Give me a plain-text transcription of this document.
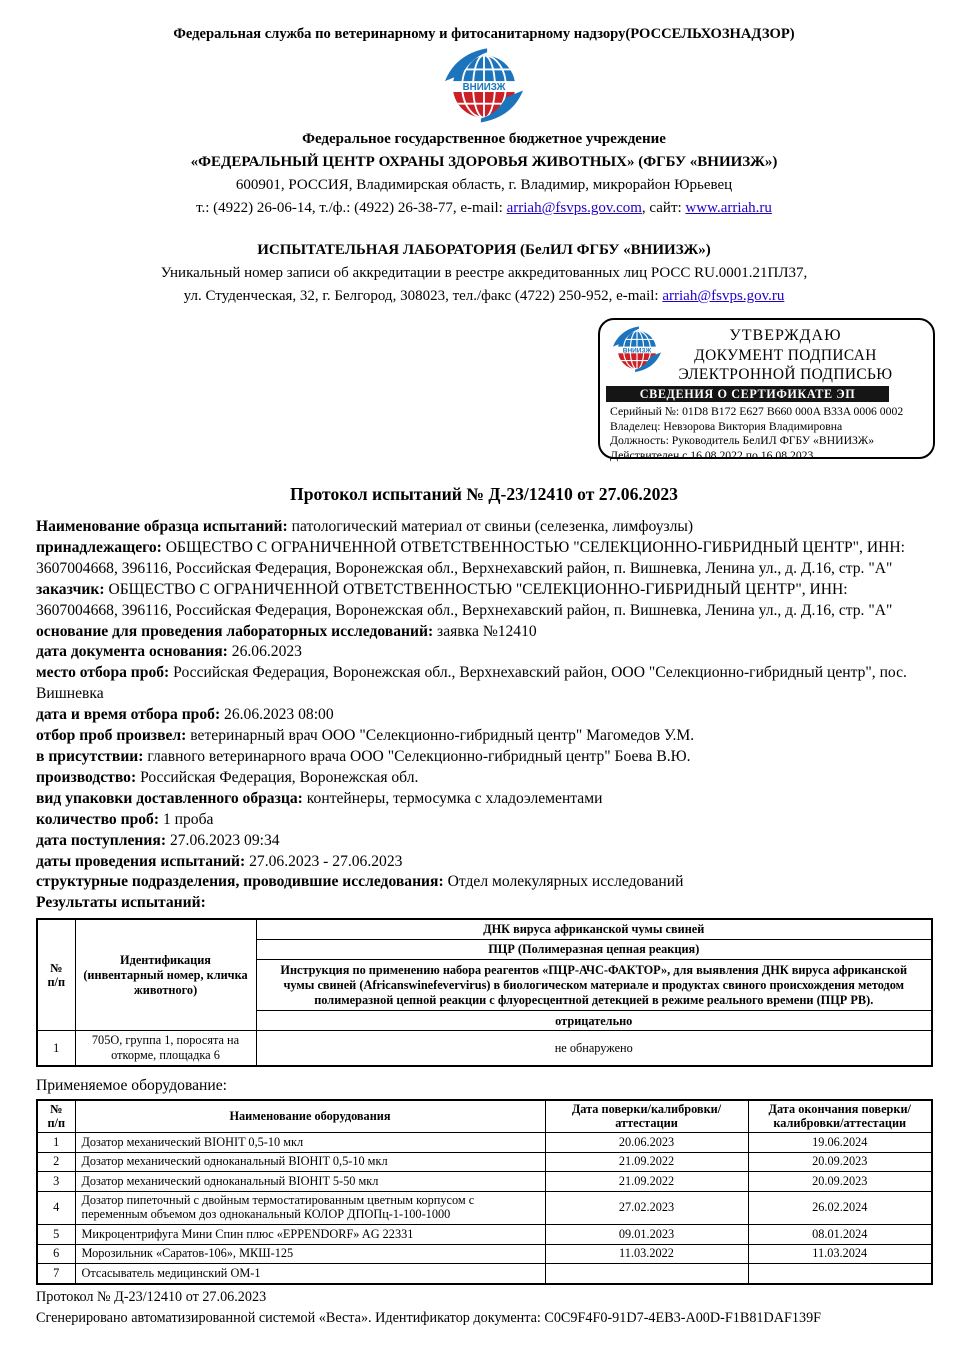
Федеральная служба по ветеринарному и фитосанитарному надзору(РОССЕЛЬХОЗНАДЗОР)
ВНИИЗЖ
Федеральное государственное бюджетное учреждение
«ФЕДЕРАЛЬНЫЙ ЦЕНТР ОХРАНЫ ЗДОРОВЬЯ ЖИВОТНЫХ» (ФГБУ «ВНИИЗЖ»)
600901, РОССИЯ, Владимирская область, г. Владимир, микрорайон Юрьевец
т.: (4922) 26-06-14, т./ф.: (4922) 26-38-77, e-mail: arriah@fsvps.gov.com, сайт: www.arriah.ru
ИСПЫТАТЕЛЬНАЯ ЛАБОРАТОРИЯ (БелИЛ ФГБУ «ВНИИЗЖ»)
Уникальный номер записи об аккредитации в реестре аккредитованных лиц РОСС RU.0001.21ПЛ37,
ул. Студенческая, 32, г. Белгород, 308023, тел./факс (4722) 250-952, e-mail: arriah@fsvps.gov.ru
ВНИИЗЖ
УТВЕРЖДАЮ
ДОКУМЕНТ ПОДПИСАН
ЭЛЕКТРОННОЙ ПОДПИСЬЮ
СВЕДЕНИЯ О СЕРТИФИКАТЕ ЭП
Серийный №: 01D8 B172 E627 B660 000A B33A 0006 0002
Владелец: Невзорова Виктория Владимировна
Должность: Руководитель БелИЛ ФГБУ «ВНИИЗЖ»
Действителен с 16.08.2022 по 16.08.2023
Протокол испытаний № Д-23/12410 от 27.06.2023

Наименование образца испытаний: патологический материал от свиньи (селезенка, лимфоузлы)

принадлежащего: ОБЩЕСТВО С ОГРАНИЧЕННОЙ ОТВЕТСТВЕННОСТЬЮ "СЕЛЕКЦИОННО-ГИБРИДНЫЙ ЦЕНТР", ИНН: 3607004668, 396116, Российская Федерация, Воронежская обл., Верхнехавский район, п. Вишневка, Ленина ул., д. Д.16, стр. "А"

заказчик: ОБЩЕСТВО С ОГРАНИЧЕННОЙ ОТВЕТСТВЕННОСТЬЮ "СЕЛЕКЦИОННО-ГИБРИДНЫЙ ЦЕНТР", ИНН: 3607004668, 396116, Российская Федерация, Воронежская обл., Верхнехавский район, п. Вишневка, Ленина ул., д. Д.16, стр. "А"

основание для проведения лабораторных исследований: заявка №12410

дата документа основания: 26.06.2023

место отбора проб: Российская Федерация, Воронежская обл., Верхнехавский район, ООО "Селекционно-гибридный центр", пос. Вишневка

дата и время отбора проб: 26.06.2023 08:00

отбор проб произвел: ветеринарный врач ООО "Селекционно-гибридный центр" Магомедов У.М.

в присутствии: главного ветеринарного врача ООО "Селекционно-гибридный центр" Боева В.Ю.

производство: Российская Федерация, Воронежская обл.

вид упаковки доставленного образца: контейнеры, термосумка с хладоэлементами

количество проб: 1 проба

дата поступления: 27.06.2023 09:34

даты проведения испытаний: 27.06.2023 - 27.06.2023

структурные подразделения, проводившие исследования: Отдел молекулярных исследований

Результаты испытаний:

№
п/п	Идентификация (инвентарный номер, кличка животного)	ДНК вируса африканской чумы свиней
		ПЦР (Полимеразная цепная реакция)
		Инструкция по применению набора реагентов «ПЦР-АЧС-ФАКТОР», для выявления ДНК вируса африканской чумы свиней (Africanswinefevervirus) в биологическом материале и продуктах свиного происхождения методом полимеразной цепной реакции с флуоресцентной детекцией в режиме реального времени (ПЦР РВ).
		отрицательно
1	705О, группа 1, поросята на откорме, площадка 6	не обнаружено

Применяемое оборудование:

№
п/п	Наименование оборудования	Дата поверки/калибровки/аттестации	Дата окончания поверки/калибровки/аттестации
1	Дозатор механический BIOHIT 0,5-10 мкл	20.06.2023	19.06.2024
2	Дозатор механический одноканальный BIOHIT 0,5-10 мкл	21.09.2022	20.09.2023
3	Дозатор механический одноканальный BIOHIT 5-50 мкл	21.09.2022	20.09.2023
4	Дозатор пипеточный с двойным термостатированным цветным корпусом с переменным объемом доз одноканальный КОЛОР ДПОПц-1-100-1000	27.02.2023	26.02.2024
5	Микроцентрифуга Мини Спин плюс «EPPENDORF» AG 22331	09.01.2023	08.01.2024
6	Морозильник «Саратов-106», МКШ-125	11.03.2022	11.03.2024
7	Отсасыватель медицинский ОМ-1		
Протокол № Д-23/12410 от 27.06.2023
Сгенерировано автоматизированной системой «Веста». Идентификатор документа: C0C9F4F0-91D7-4EB3-A00D-F1B81DAF139F
